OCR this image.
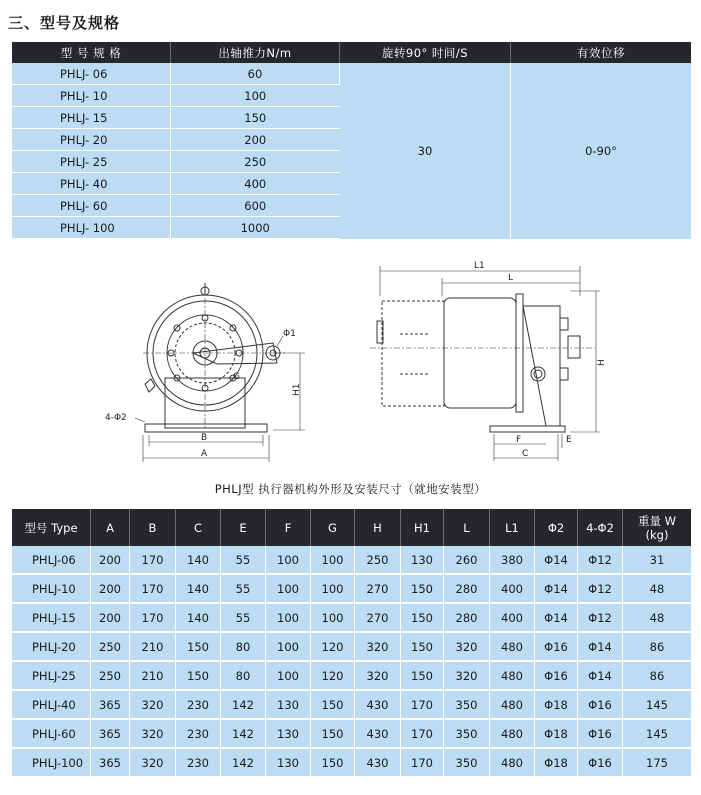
三、型号及规格
型 号 规 格	出轴推力N/m	旋转90° 时间/S	有效位移
PHLJ- 06	60	30	0-90°
PHLJ- 10	100		
PHLJ- 15	150		
PHLJ- 20	200		
PHLJ- 25	250		
PHLJ- 40	400		
PHLJ- 60	600		
PHLJ- 100	1000		
Φ1
4-Φ2
G
H1
B
A
L1
L
H
F
C
E
PHLJ型 执行器机构外形及安装尺寸（就地安装型）
型号 Type	A	B	C	E	F	G	H	H1	L	L1	Φ2	4-Φ2	重量 W
(kg)
PHLJ-06	200	170	140	55	100	100	250	130	260	380	Φ14	Φ12	31
PHLJ-10	200	170	140	55	100	100	270	150	280	400	Φ14	Φ12	48
PHLJ-15	200	170	140	55	100	100	270	150	280	400	Φ14	Φ12	48
PHLJ-20	250	210	150	80	100	120	320	150	320	480	Φ16	Φ14	86
PHLJ-25	250	210	150	80	100	120	320	150	320	480	Φ16	Φ14	86
PHLJ-40	365	320	230	142	130	150	430	170	350	480	Φ18	Φ16	145
PHLJ-60	365	320	230	142	130	150	430	170	350	480	Φ18	Φ16	145
PHLJ-100	365	320	230	142	130	150	430	170	350	480	Φ18	Φ16	175
